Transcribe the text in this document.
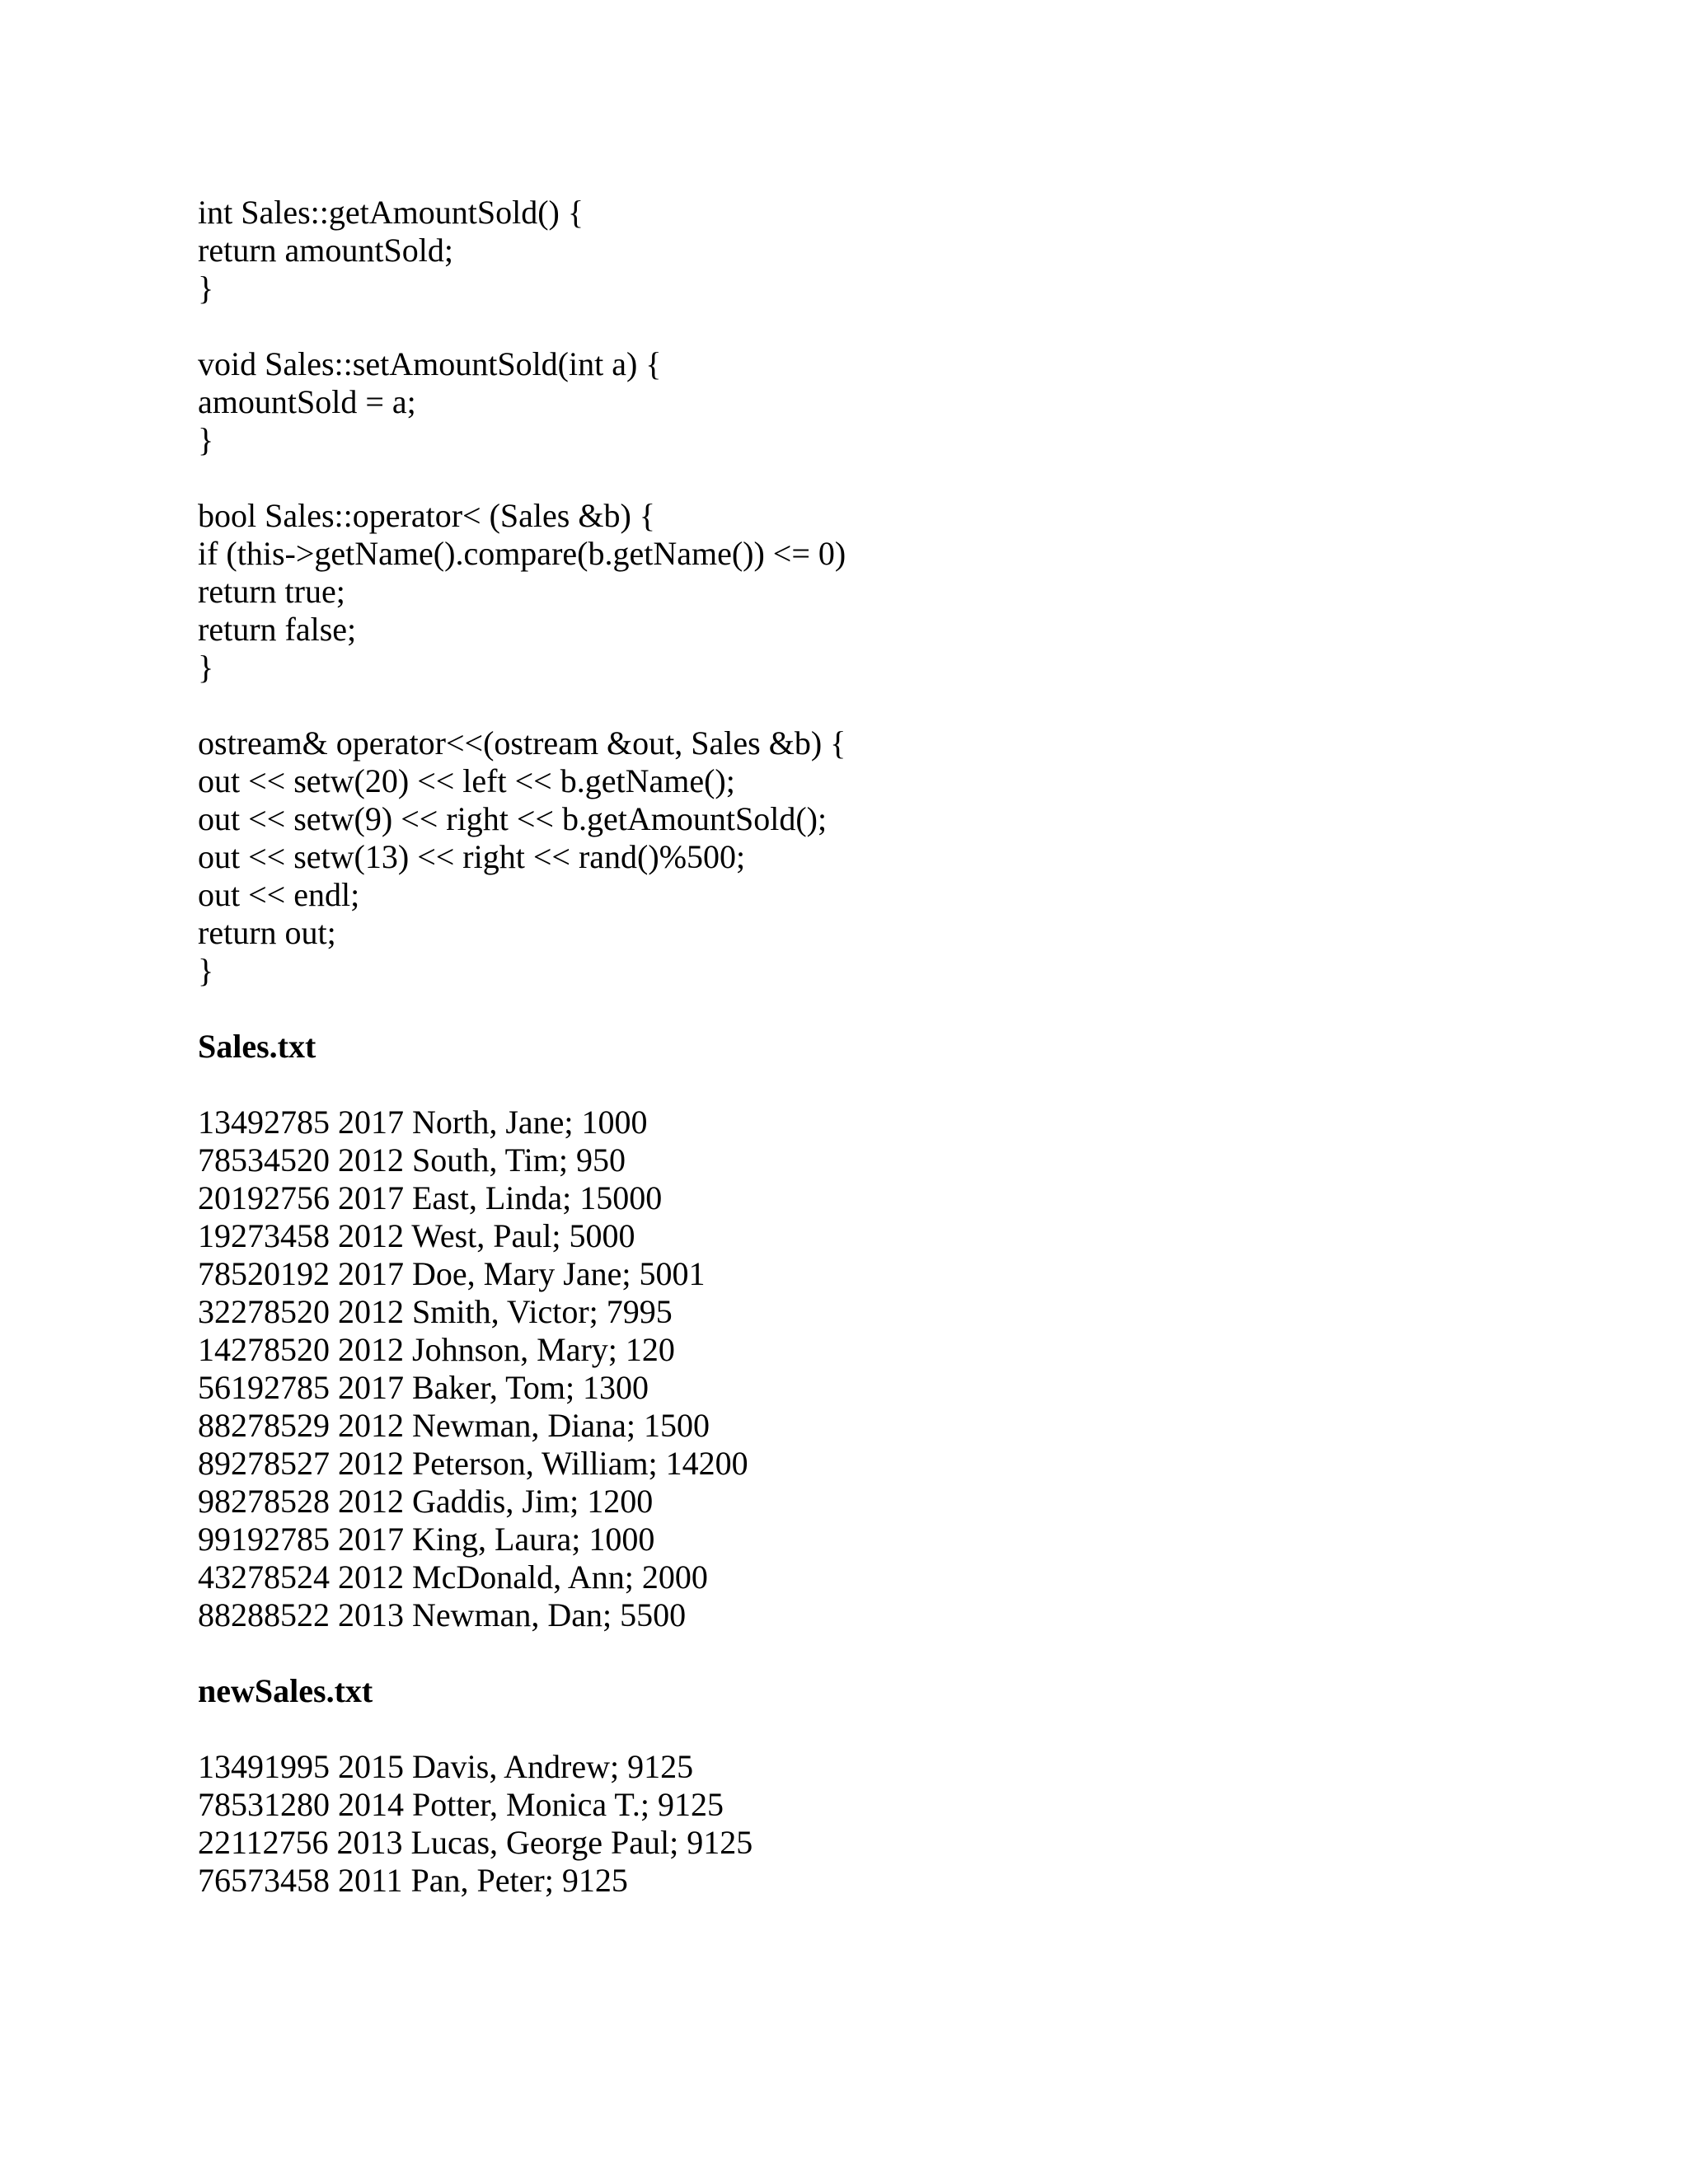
int Sales::getAmountSold() {
return amountSold;
}
void Sales::setAmountSold(int a) {
amountSold = a;
}
bool Sales::operator< (Sales &b) {
if (this->getName().compare(b.getName()) <= 0)
return true;
return false;
}
ostream& operator<<(ostream &out, Sales &b) {
out << setw(20) << left << b.getName();
out << setw(9) << right << b.getAmountSold();
out << setw(13) << right << rand()%500;
out << endl;
return out;
}
Sales.txt
13492785 2017 North, Jane; 1000
78534520 2012 South, Tim; 950
20192756 2017 East, Linda; 15000
19273458 2012 West, Paul; 5000
78520192 2017 Doe, Mary Jane; 5001
32278520 2012 Smith, Victor; 7995
14278520 2012 Johnson, Mary; 120
56192785 2017 Baker, Tom; 1300
88278529 2012 Newman, Diana; 1500
89278527 2012 Peterson, William; 14200
98278528 2012 Gaddis, Jim; 1200
99192785 2017 King, Laura; 1000
43278524 2012 McDonald, Ann; 2000
88288522 2013 Newman, Dan; 5500
newSales.txt
13491995 2015 Davis, Andrew; 9125
78531280 2014 Potter, Monica T.; 9125
22112756 2013 Lucas, George Paul; 9125
76573458 2011 Pan, Peter; 9125
